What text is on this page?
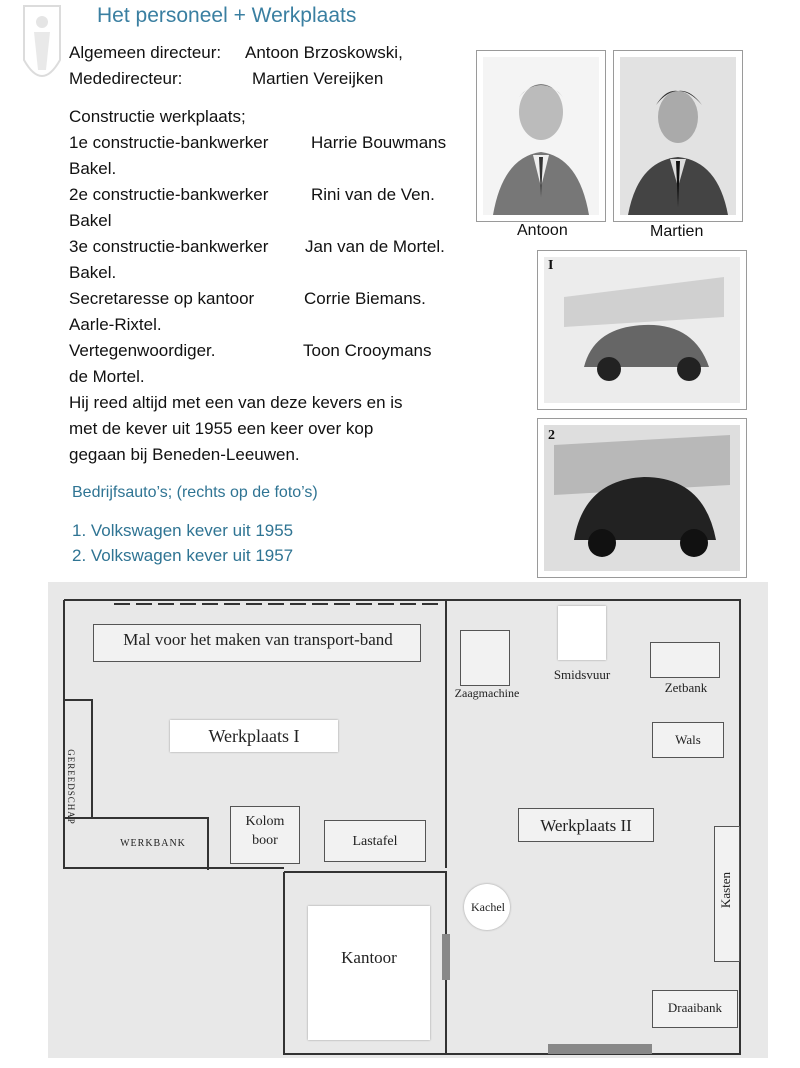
Het personeel + Werkplaats
Algemeen directeur: Antoon Brzoskowski,
Mededirecteur:	Martien Vereijken
Constructie werkplaats;
1e constructie-bankwerker	Harrie Bouwmans
Bakel.
2e constructie-bankwerker	Rini van de Ven.
Bakel
3e constructie-bankwerker Jan van de Mortel.
Bakel.
Secretaresse op kantoor	Corrie Biemans.
Aarle-Rixtel.
Vertegenwoordiger.	Toon Crooymans
de Mortel.
Hij reed altijd met een van deze kevers en is
met de kever uit 1955 een keer over kop
gegaan bij Beneden-Leeuwen.
Bedrijfsauto’s; (rechts op de foto’s)
1. Volkswagen kever uit 1955
2. Volkswagen kever uit 1957
Antoon	Martien
I
2
Mal voor het maken van transport-band
Werkplaats I
GEREEDSCHAP
WERKBANK
Kolom
boor	Lastafel
Kantoor
Zaagmachine
Smidsvuur
Zetbank
Wals
Werkplaats II
Kachel	Kasten
Draaibank
